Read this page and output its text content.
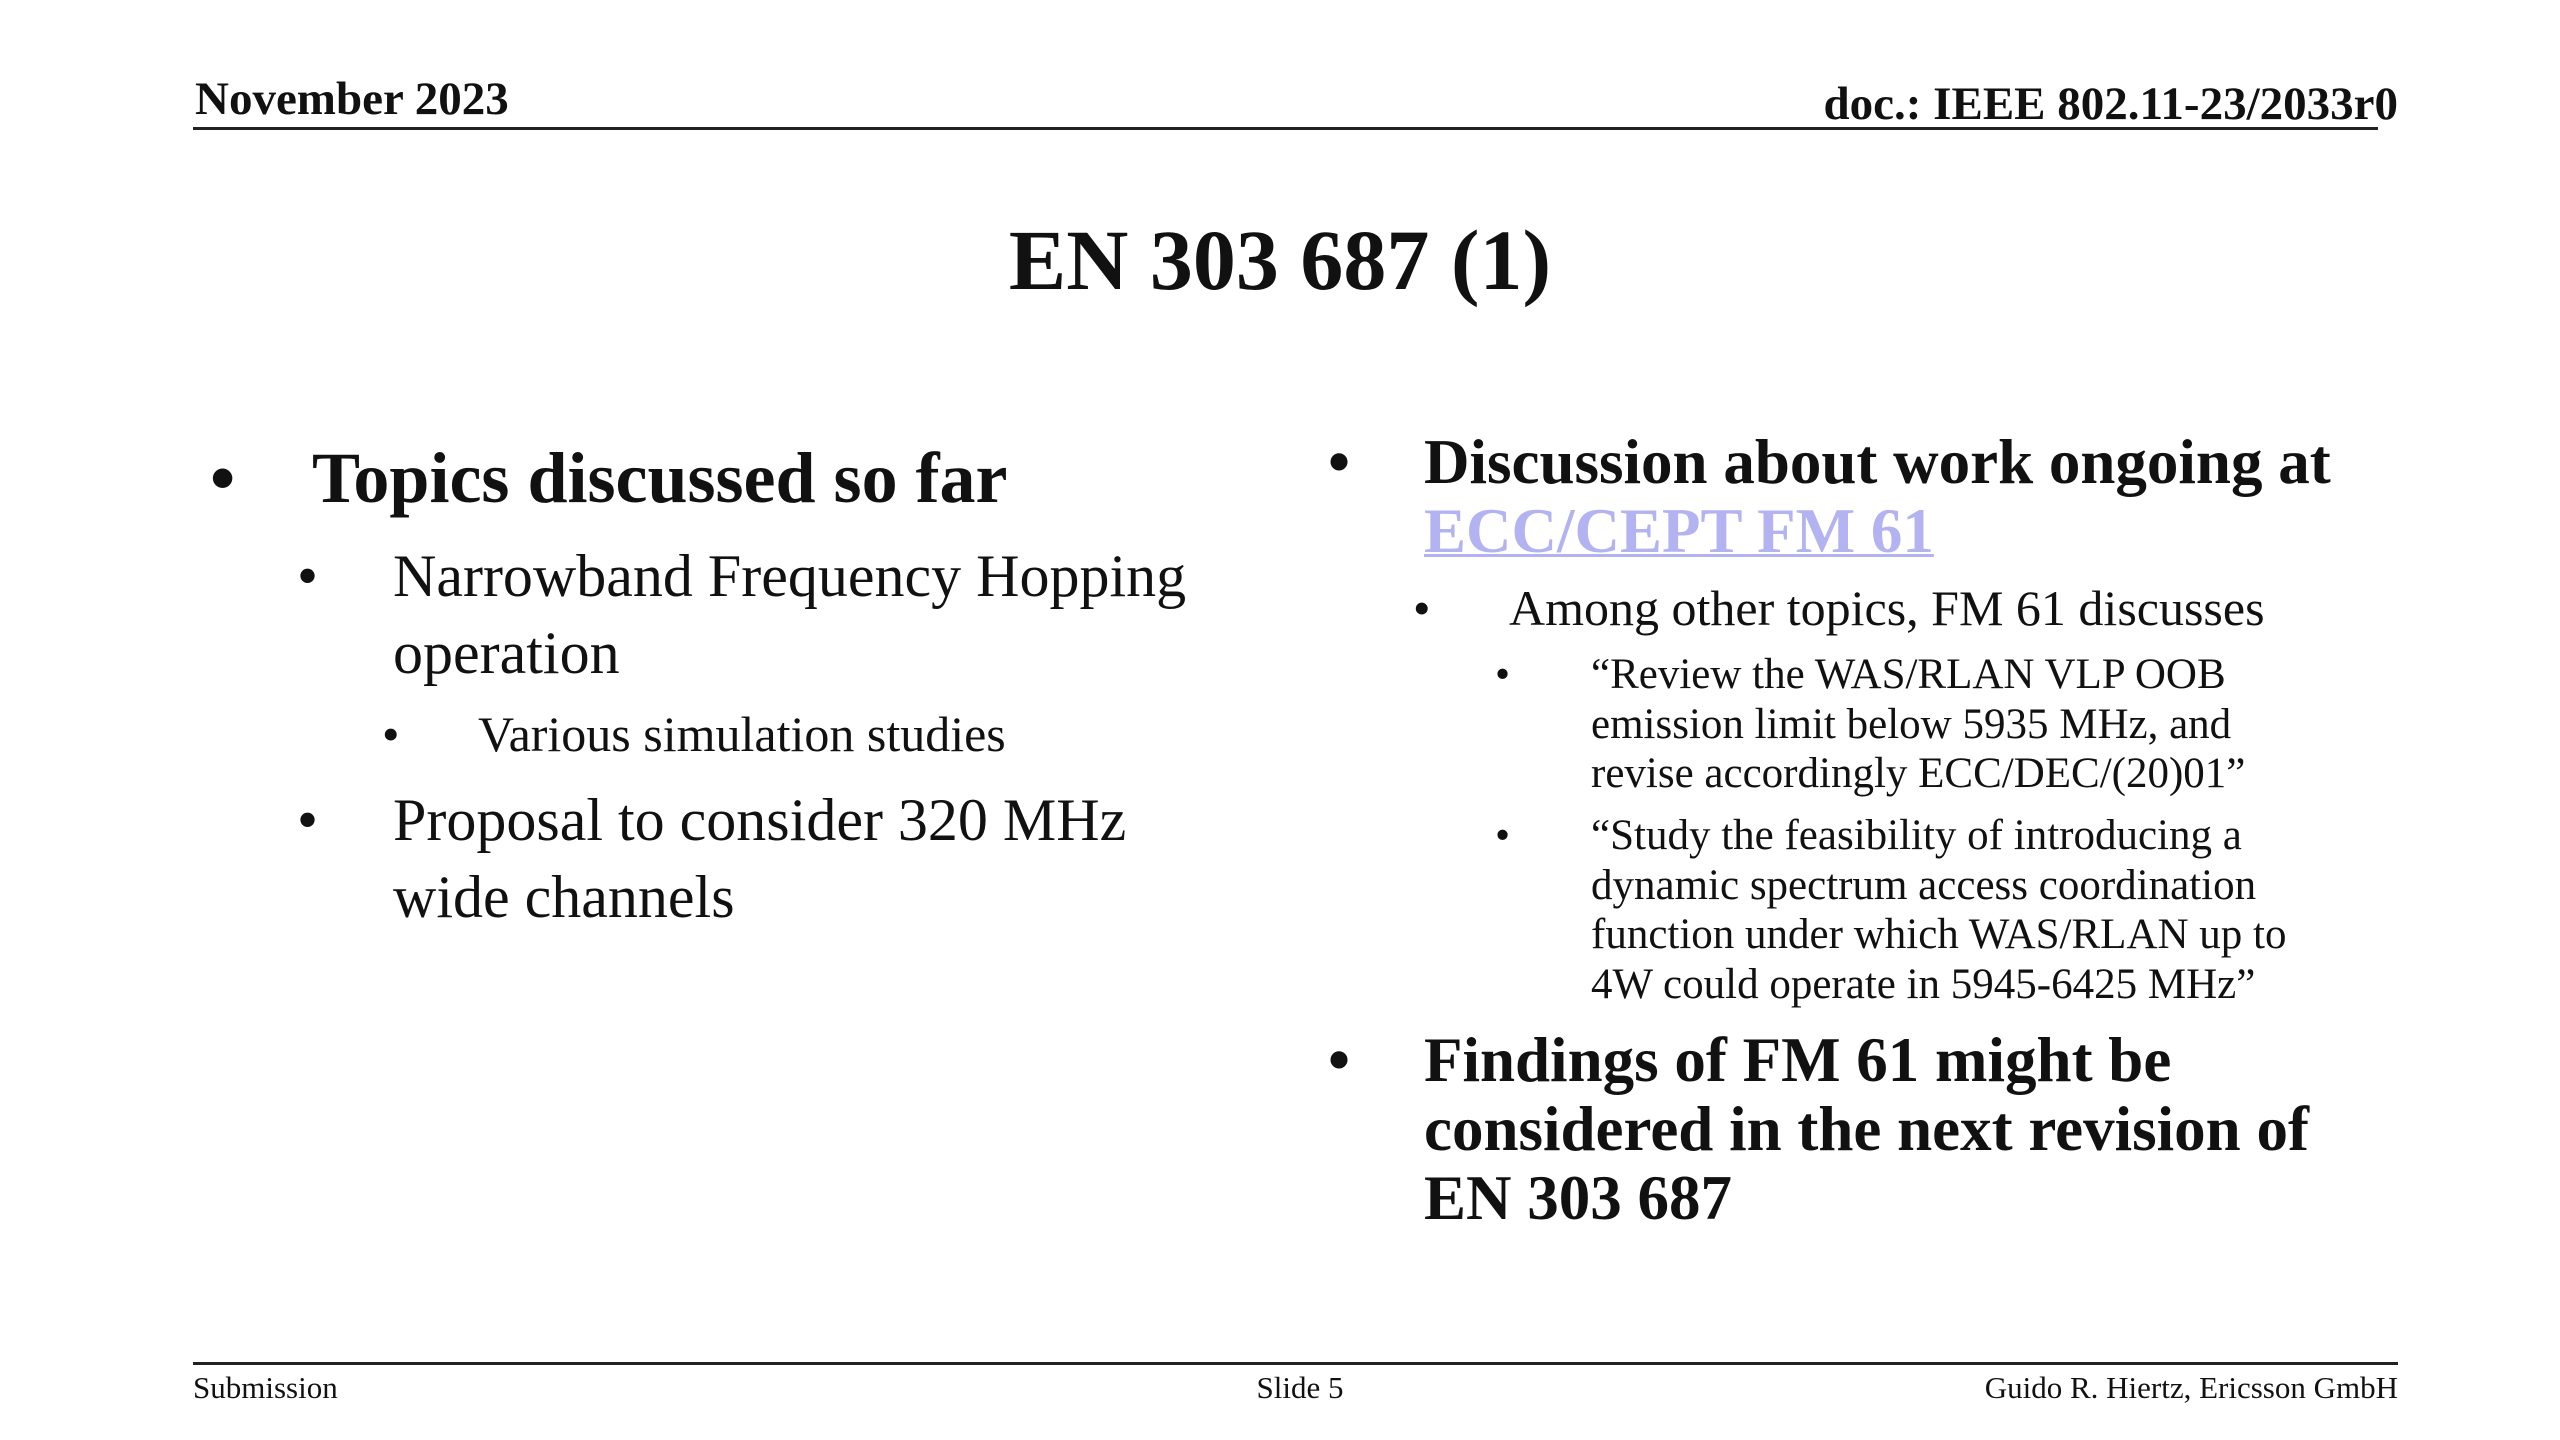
November 2023	doc.: IEEE 802.11-23/2033r0
EN 303 687 (1)
• Topics discussed so far
• Narrowband Frequency Hopping
operation
• Various simulation studies
• Proposal to consider 320 MHz
wide channels
• Discussion about work ongoing at
ECC/CEPT FM 61
• Among other topics, FM 61 discusses
• “Review the WAS/RLAN VLP OOB
emission limit below 5935 MHz, and
revise accordingly ECC/DEC/(20)01”
• “Study the feasibility of introducing a
dynamic spectrum access coordination
function under which WAS/RLAN up to
4W could operate in 5945-6425 MHz”
• Findings of FM 61 might be
considered in the next revision of
EN 303 687
Submission	Slide 5	Guido R. Hiertz, Ericsson GmbH
